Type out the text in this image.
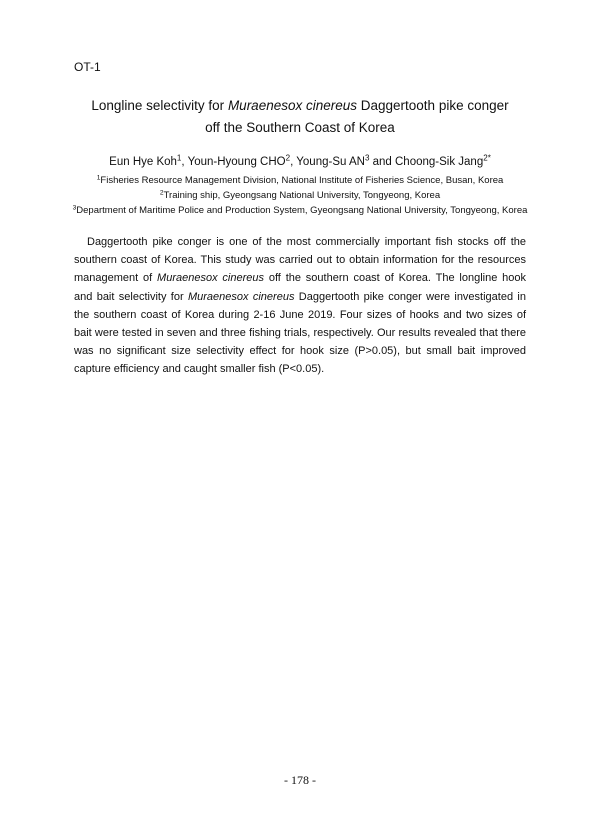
OT-1
Longline selectivity for Muraenesox cinereus Daggertooth pike conger
off the Southern Coast of Korea
Eun Hye Koh$^1$, Youn-Hyoung CHO$^2$, Young-Su $AN^3$ and Choong-Sik Jang$^{2*}$
$^1$Fisheries Resource Management Division, National Institute of Fisheries Science, Busan, Korea
$^2$Training ship, Gyeongsang National University, Tongyeong, Korea
$^3$Department of Maritime Police and Production System, Gyeongsang National University, Tongyeong, Korea
Daggertooth pike conger is one of the most commercially important fish stocks off the southern coast of Korea. This study was carried out to obtain information for the resources management of Muraenesox cinereus off the southern coast of Korea. The longline hook and bait selectivity for Muraenesox cinereus Daggertooth pike conger were investigated in the southern coast of Korea during 2-16 June 2019. Four sizes of hooks and two sizes of bait were tested in seven and three fishing trials, respectively. Our results revealed that there was no significant size selectivity effect for hook size (P>0.05), but small bait improved capture efficiency and caught smaller fish (P<0.05).
- 178 -
